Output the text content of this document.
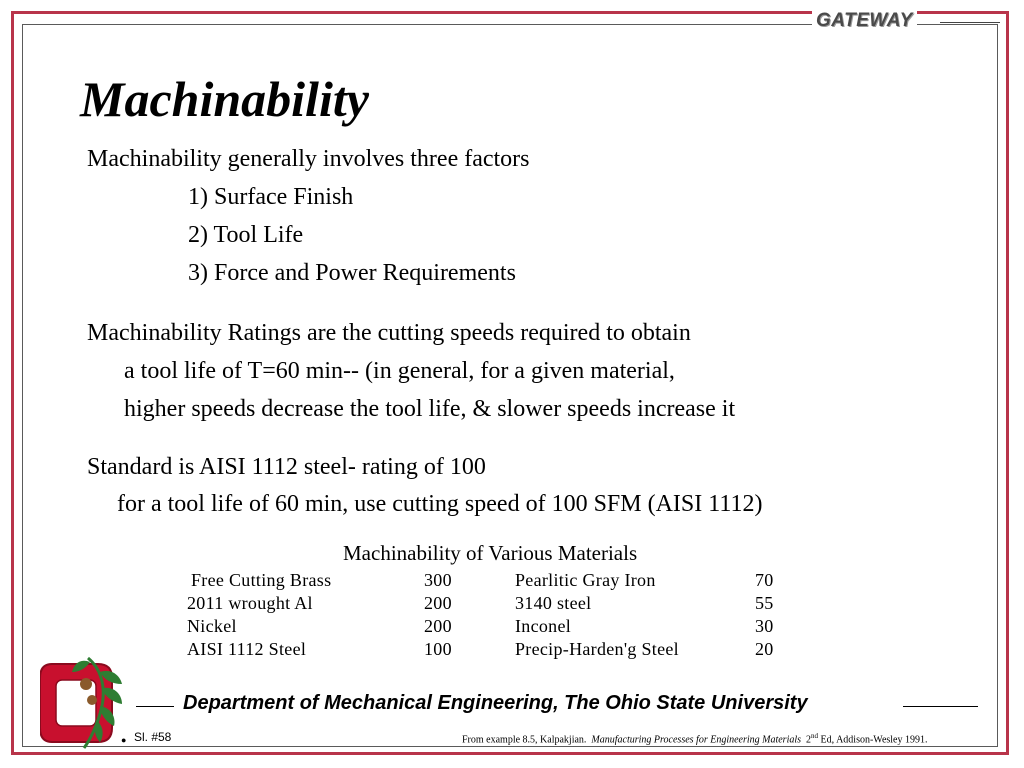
GATEWAY
Machinability
Machinability generally involves three factors
1) Surface Finish
2) Tool Life
3) Force and Power Requirements
Machinability Ratings are the cutting speeds required to obtain
a tool life of T=60 min-- (in general, for a given material,
higher speeds decrease the tool life, & slower speeds increase it
Standard is AISI 1112 steel- rating of 100
for a tool life of 60 min, use cutting speed of 100 SFM (AISI 1112)
Machinability of Various Materials
Free Cutting Brass	300	Pearlitic Gray Iron	70
2011 wrought Al	200	3140 steel	55
Nickel	200	Inconel	30
AISI 1112 Steel	100	Precip-Harden'g Steel	20
Department of Mechanical Engineering, The Ohio State University
● Sl. #58	From example 8.5, Kalpakjian. Manufacturing Processes for Engineering Materials 2nd Ed, Addison-Wesley 1991.
